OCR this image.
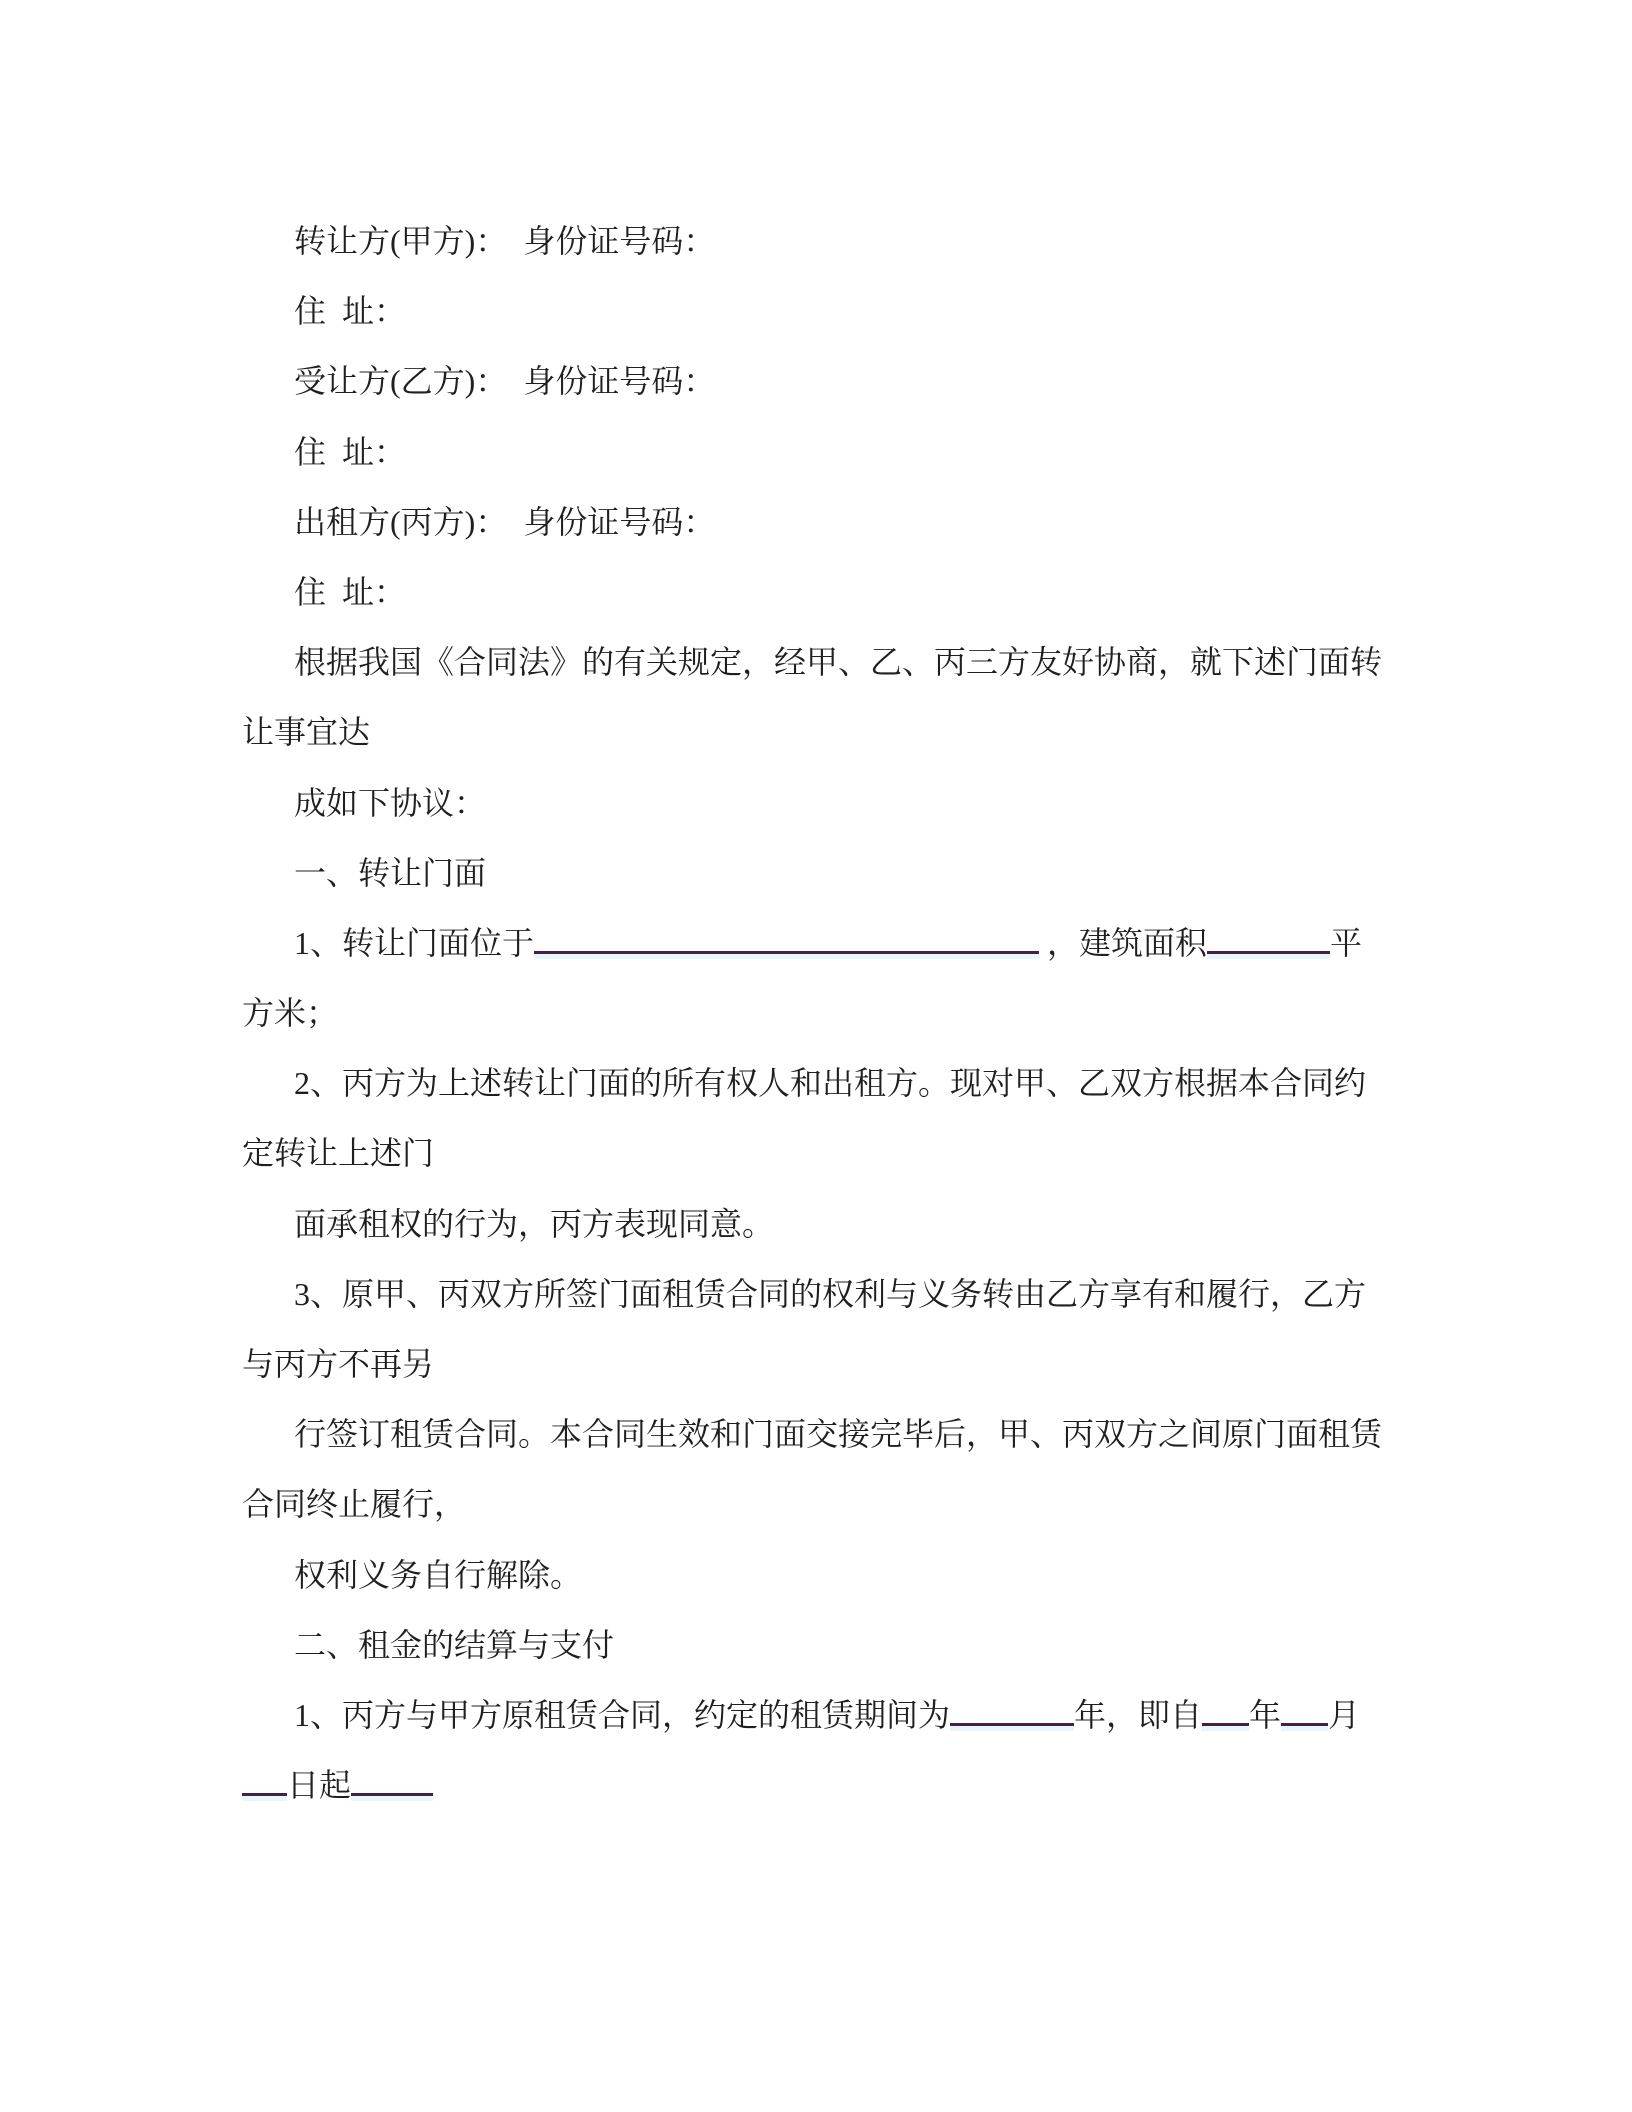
转让方(甲方)：　身份证号码：
住  址：
受让方(乙方)：　身份证号码：
住  址：
出租方(丙方)：　身份证号码：
住  址：
根据我国《合同法》的有关规定，经甲、乙、丙三方友好协商，就下述门面转
让事宜达
成如下协议：
一、转让门面
1、转让门面位于	，建筑面积	平
方米；
2、丙方为上述转让门面的所有权人和出租方。现对甲、乙双方根据本合同约
定转让上述门
面承租权的行为，丙方表现同意。
3、原甲、丙双方所签门面租赁合同的权利与义务转由乙方享有和履行，乙方
与丙方不再另
行签订租赁合同。本合同生效和门面交接完毕后，甲、丙双方之间原门面租赁
合同终止履行，
权利义务自行解除。
二、租金的结算与支付
1、丙方与甲方原租赁合同，约定的租赁期间为	年，即自 年 月
日起
